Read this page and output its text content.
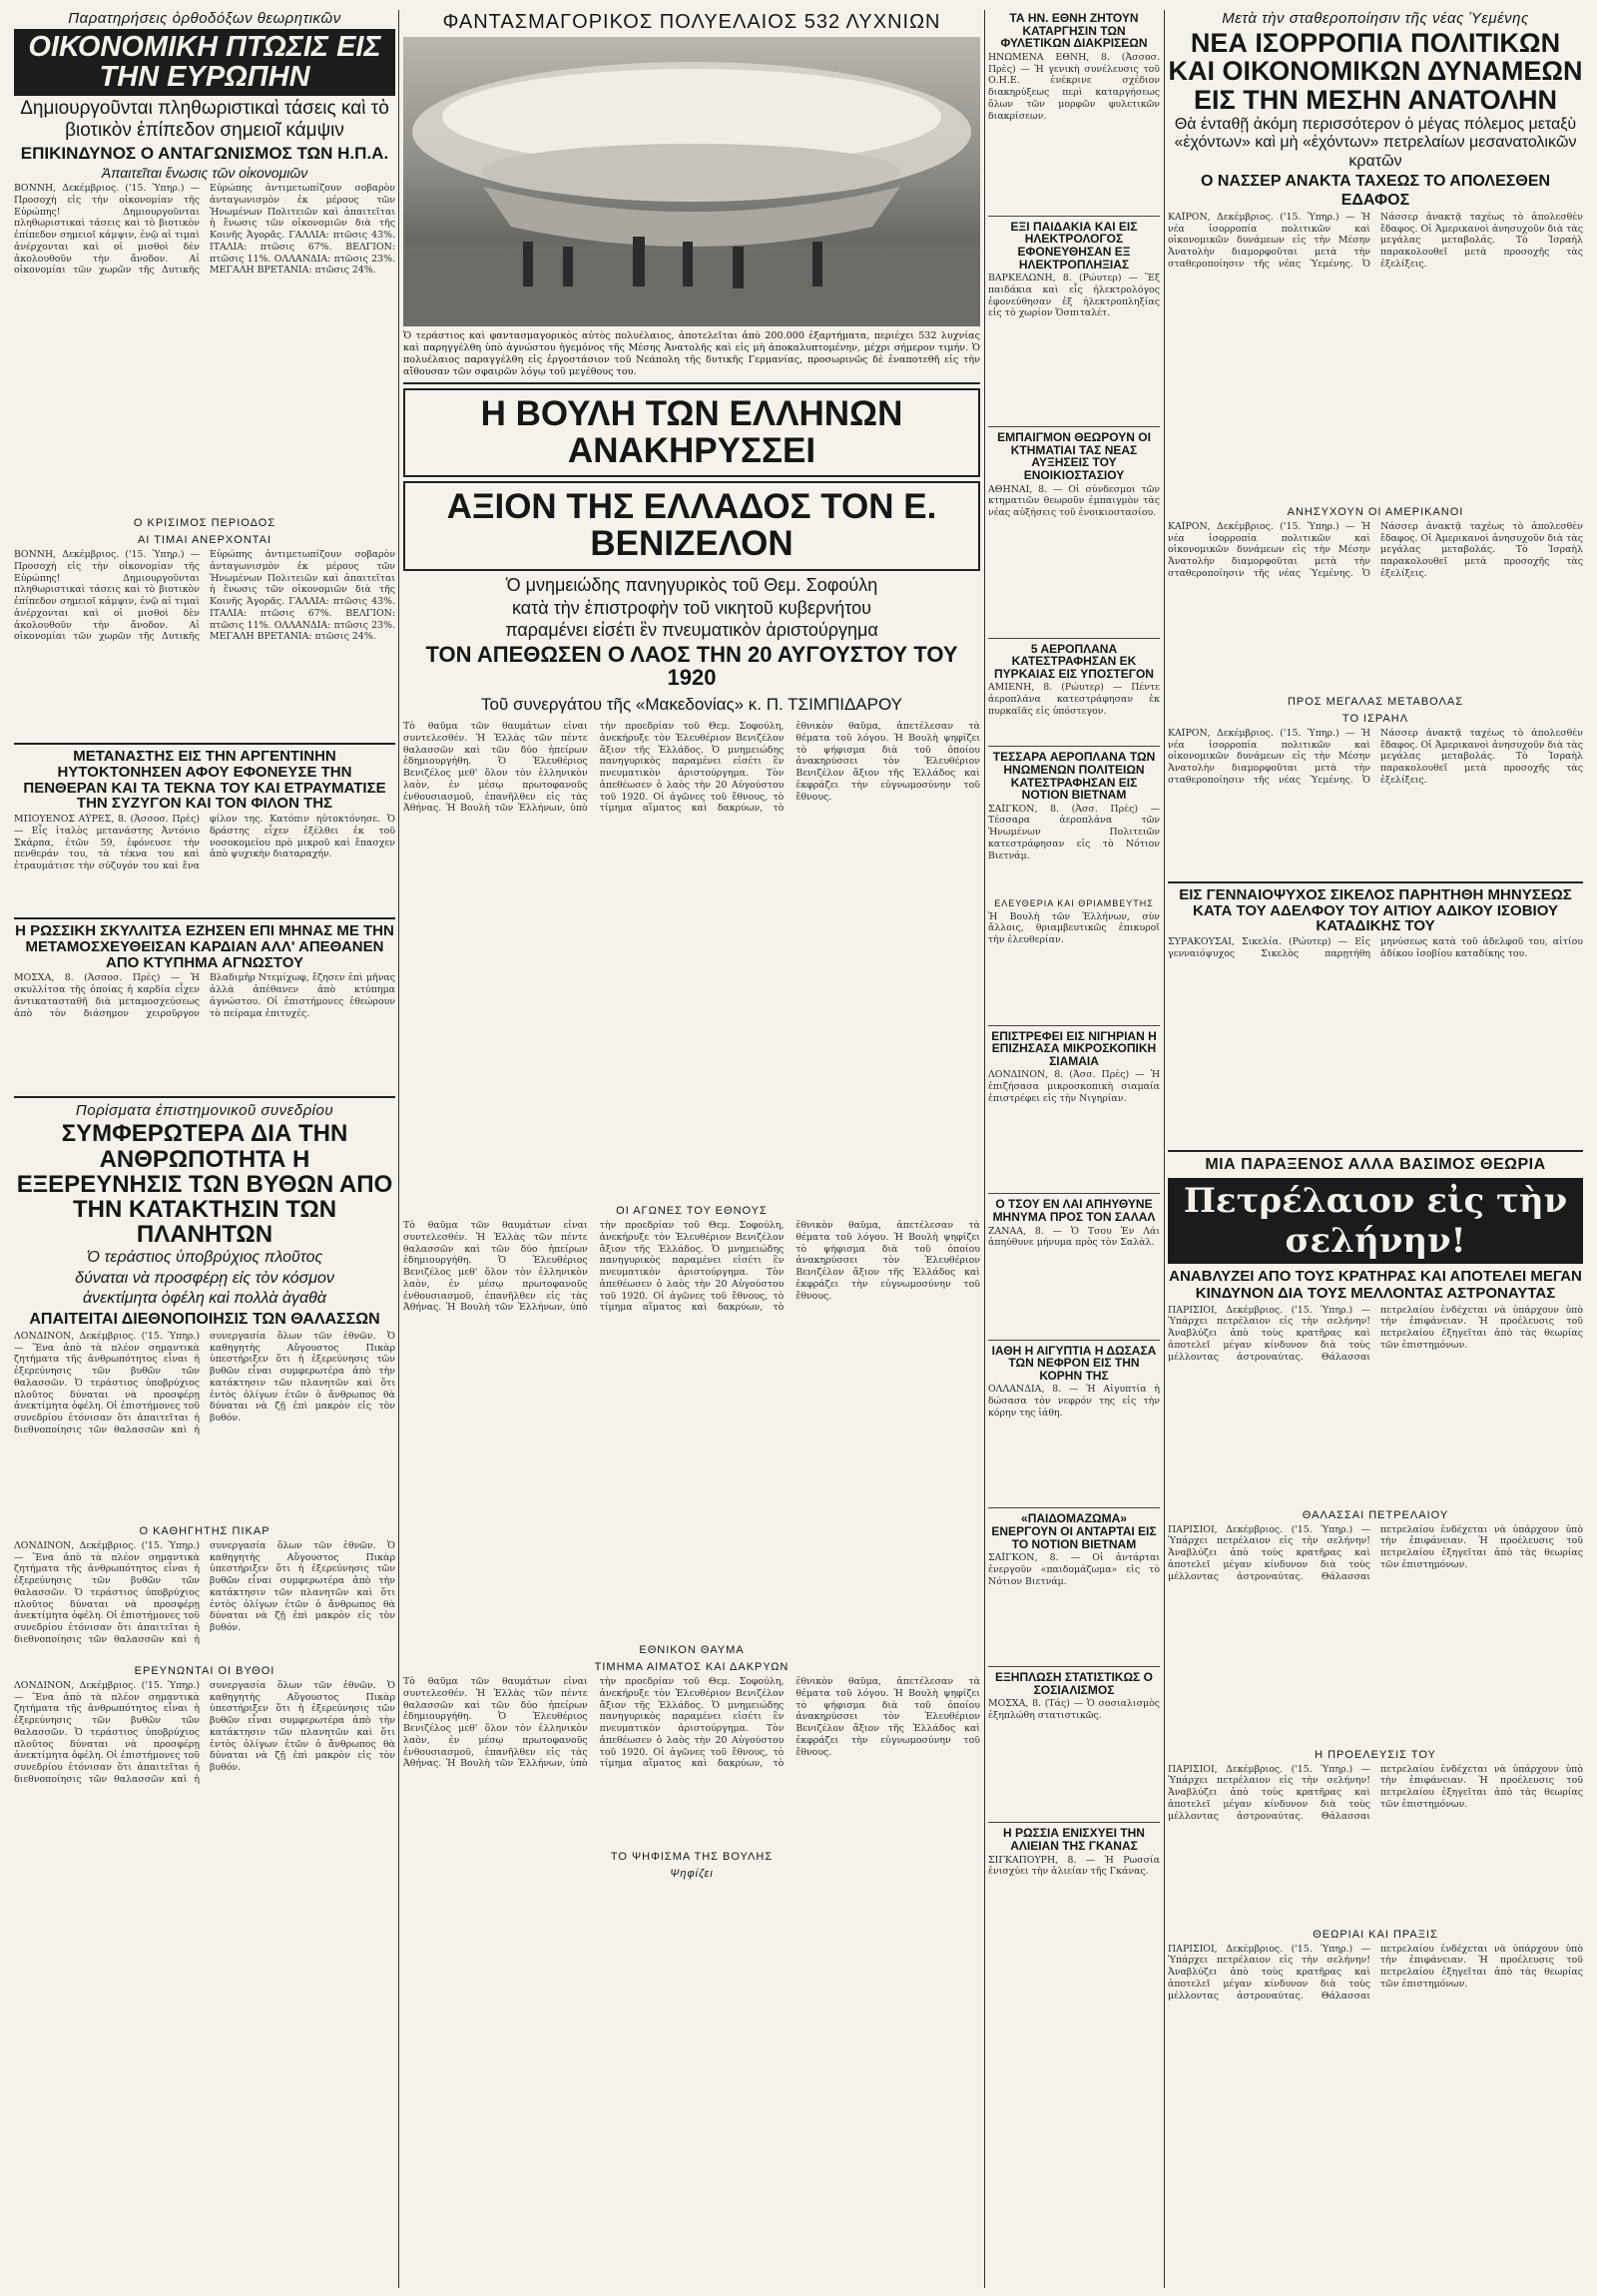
Παρατηρήσεις ὀρθοδόξων θεωρητικῶν
ΟΙΚΟΝΟΜΙΚΗ ΠΤΩΣΙΣ ΕΙΣ ΤΗΝ ΕΥΡΩΠΗΝ
Δημιουργοῦνται πληθωριστικαὶ τάσεις καὶ τὸ βιοτικὸν ἐπίπεδον σημειοῖ κάμψιν
ΕΠΙΚΙΝΔΥΝΟΣ Ο ΑΝΤΑΓΩΝΙΣΜΟΣ ΤΩΝ Η.Π.Α.
Ἀπαιτεῖται ἕνωσις τῶν οἰκονομιῶν

ΒΟΝΝΗ, Δεκέμβριος. ('15. Ὑπηρ.) — Προσοχὴ εἰς τὴν οἰκονομίαν τῆς Εὐρώπης! Δημιουργοῦνται πληθωριστικαὶ τάσεις καὶ τὸ βιοτικὸν ἐπίπεδον σημειοῖ κάμψιν, ἐνῷ αἱ τιμαὶ ἀνέρχονται καὶ οἱ μισθοὶ δὲν ἀκολουθοῦν τὴν ἄνοδον. Αἱ οἰκονομίαι τῶν χωρῶν τῆς Δυτικῆς Εὐρώπης ἀντιμετωπίζουν σοβαρὸν ἀνταγωνισμὸν ἐκ μέρους τῶν Ἡνωμένων Πολιτειῶν καὶ ἀπαιτεῖται ἡ ἕνωσις τῶν οἰκονομιῶν διὰ τῆς Κοινῆς Ἀγορᾶς. ΓΑΛΛΙΑ: πτῶσις 43%. ΙΤΑΛΙΑ: πτῶσις 67%. ΒΕΛΓΙΟΝ: πτῶσις 11%. ΟΛΛΑΝΔΙΑ: πτῶσις 23%. ΜΕΓΑΛΗ ΒΡΕΤΑΝΙΑ: πτῶσις 24%.

Ο ΚΡΙΣΙΜΟΣ ΠΕΡΙΟΔΟΣ
ΑΙ ΤΙΜΑΙ ΑΝΕΡΧΟΝΤΑΙ

ΒΟΝΝΗ, Δεκέμβριος. ('15. Ὑπηρ.) — Προσοχὴ εἰς τὴν οἰκονομίαν τῆς Εὐρώπης! Δημιουργοῦνται πληθωριστικαὶ τάσεις καὶ τὸ βιοτικὸν ἐπίπεδον σημειοῖ κάμψιν, ἐνῷ αἱ τιμαὶ ἀνέρχονται καὶ οἱ μισθοὶ δὲν ἀκολουθοῦν τὴν ἄνοδον. Αἱ οἰκονομίαι τῶν χωρῶν τῆς Δυτικῆς Εὐρώπης ἀντιμετωπίζουν σοβαρὸν ἀνταγωνισμὸν ἐκ μέρους τῶν Ἡνωμένων Πολιτειῶν καὶ ἀπαιτεῖται ἡ ἕνωσις τῶν οἰκονομιῶν διὰ τῆς Κοινῆς Ἀγορᾶς. ΓΑΛΛΙΑ: πτῶσις 43%. ΙΤΑΛΙΑ: πτῶσις 67%. ΒΕΛΓΙΟΝ: πτῶσις 11%. ΟΛΛΑΝΔΙΑ: πτῶσις 23%. ΜΕΓΑΛΗ ΒΡΕΤΑΝΙΑ: πτῶσις 24%.

ΜΕΤΑΝΑΣΤΗΣ ΕΙΣ ΤΗΝ ΑΡΓΕΝΤΙΝΗΝ ΗΥΤΟΚΤΟΝΗΣΕΝ ΑΦΟΥ ΕΦΟΝΕΥΣΕ ΤΗΝ ΠΕΝΘΕΡΑΝ ΚΑΙ ΤΑ ΤΕΚΝΑ ΤΟΥ ΚΑΙ ΕΤΡΑΥΜΑΤΙΣΕ ΤΗΝ ΣΥΖΥΓΟΝ ΚΑΙ ΤΟΝ ΦΙΛΟΝ ΤΗΣ

ΜΠΟΥΕΝΟΣ ΑΫΡΕΣ, 8. (Ἀσσοσ. Πρὲς) — Εἷς ἰταλὸς μετανάστης Ἀντόνιο Σκάρπα, ἐτῶν 59, ἐφόνευσε τὴν πενθεράν του, τὰ τέκνα του καὶ ἐτραυμάτισε τὴν σύζυγόν του καὶ ἕνα φίλον της. Κατόπιν ηὐτοκτόνησε. Ὁ δράστης εἶχεν ἐξέλθει ἐκ τοῦ νοσοκομείου πρὸ μικροῦ καὶ ἔπασχεν ἀπὸ ψυχικὴν διαταραχήν.

Η ΡΩΣΣΙΚΗ ΣΚΥΛΛΙΤΣΑ ΕΖΗΣΕΝ ΕΠΙ ΜΗΝΑΣ ΜΕ ΤΗΝ ΜΕΤΑΜΟΣΧΕΥΘΕΙΣΑΝ ΚΑΡΔΙΑΝ ΑΛΛ' ΑΠΕΘΑΝΕΝ ΑΠΟ ΚΤΥΠΗΜΑ ΑΓΝΩΣΤΟΥ

ΜΟΣΧΑ, 8. (Ἀσσοσ. Πρὲς) — Ἡ σκυλλίτσα τῆς ὁποίας ἡ καρδία εἶχεν ἀντικατασταθῆ διὰ μεταμοσχεύσεως ἀπὸ τὸν διάσημον χειροῦργον Βλαδιμὴρ Ντεμίχωφ, ἔζησεν ἐπὶ μῆνας ἀλλὰ ἀπέθανεν ἀπὸ κτύπημα ἀγνώστου. Οἱ ἐπιστήμονες ἐθεώρουν τὸ πείραμα ἐπιτυχές.

Πορίσματα ἐπιστημονικοῦ συνεδρίου
ΣΥΜΦΕΡΩΤΕΡΑ ΔΙΑ ΤΗΝ ΑΝΘΡΩΠΟΤΗΤΑ Η ΕΞΕΡΕΥΝΗΣΙΣ ΤΩΝ ΒΥΘΩΝ ΑΠΟ ΤΗΝ ΚΑΤΑΚΤΗΣΙΝ ΤΩΝ ΠΛΑΝΗΤΩΝ
Ὁ τεράστιος ὑποβρύχιος πλοῦτος
δύναται νὰ προσφέρῃ εἰς τὸν κόσμον
ἀνεκτίμητα ὀφέλη καὶ πολλὰ ἀγαθὰ
ΑΠΑΙΤΕΙΤΑΙ ΔΙΕΘΝΟΠΟΙΗΣΙΣ ΤΩΝ ΘΑΛΑΣΣΩΝ

ΛΟΝΔΙΝΟΝ, Δεκέμβριος. ('15. Ὑπηρ.) — Ἕνα ἀπὸ τὰ πλέον σημαντικὰ ζητήματα τῆς ἀνθρωπότητος εἶναι ἡ ἐξερεύνησις τῶν βυθῶν τῶν θαλασσῶν. Ὁ τεράστιος ὑποβρύχιος πλοῦτος δύναται νὰ προσφέρῃ ἀνεκτίμητα ὀφέλη. Οἱ ἐπιστήμονες τοῦ συνεδρίου ἐτόνισαν ὅτι ἀπαιτεῖται ἡ διεθνοποίησις τῶν θαλασσῶν καὶ ἡ συνεργασία ὅλων τῶν ἐθνῶν. Ὁ καθηγητὴς Αὔγουστος Πικὰρ ὑπεστήριξεν ὅτι ἡ ἐξερεύνησις τῶν βυθῶν εἶναι συμφερωτέρα ἀπὸ τὴν κατάκτησιν τῶν πλανητῶν καὶ ὅτι ἐντὸς ὀλίγων ἐτῶν ὁ ἄνθρωπος θὰ δύναται νὰ ζῇ ἐπὶ μακρὸν εἰς τὸν βυθόν.

Ο ΚΑΘΗΓΗΤΗΣ ΠΙΚΑΡ

ΛΟΝΔΙΝΟΝ, Δεκέμβριος. ('15. Ὑπηρ.) — Ἕνα ἀπὸ τὰ πλέον σημαντικὰ ζητήματα τῆς ἀνθρωπότητος εἶναι ἡ ἐξερεύνησις τῶν βυθῶν τῶν θαλασσῶν. Ὁ τεράστιος ὑποβρύχιος πλοῦτος δύναται νὰ προσφέρῃ ἀνεκτίμητα ὀφέλη. Οἱ ἐπιστήμονες τοῦ συνεδρίου ἐτόνισαν ὅτι ἀπαιτεῖται ἡ διεθνοποίησις τῶν θαλασσῶν καὶ ἡ συνεργασία ὅλων τῶν ἐθνῶν. Ὁ καθηγητὴς Αὔγουστος Πικὰρ ὑπεστήριξεν ὅτι ἡ ἐξερεύνησις τῶν βυθῶν εἶναι συμφερωτέρα ἀπὸ τὴν κατάκτησιν τῶν πλανητῶν καὶ ὅτι ἐντὸς ὀλίγων ἐτῶν ὁ ἄνθρωπος θὰ δύναται νὰ ζῇ ἐπὶ μακρὸν εἰς τὸν βυθόν.

ΕΡΕΥΝΩΝΤΑΙ ΟΙ ΒΥΘΟΙ

ΛΟΝΔΙΝΟΝ, Δεκέμβριος. ('15. Ὑπηρ.) — Ἕνα ἀπὸ τὰ πλέον σημαντικὰ ζητήματα τῆς ἀνθρωπότητος εἶναι ἡ ἐξερεύνησις τῶν βυθῶν τῶν θαλασσῶν. Ὁ τεράστιος ὑποβρύχιος πλοῦτος δύναται νὰ προσφέρῃ ἀνεκτίμητα ὀφέλη. Οἱ ἐπιστήμονες τοῦ συνεδρίου ἐτόνισαν ὅτι ἀπαιτεῖται ἡ διεθνοποίησις τῶν θαλασσῶν καὶ ἡ συνεργασία ὅλων τῶν ἐθνῶν. Ὁ καθηγητὴς Αὔγουστος Πικὰρ ὑπεστήριξεν ὅτι ἡ ἐξερεύνησις τῶν βυθῶν εἶναι συμφερωτέρα ἀπὸ τὴν κατάκτησιν τῶν πλανητῶν καὶ ὅτι ἐντὸς ὀλίγων ἐτῶν ὁ ἄνθρωπος θὰ δύναται νὰ ζῇ ἐπὶ μακρὸν εἰς τὸν βυθόν.

ΦΑΝΤΑΣΜΑΓΟΡΙΚΟΣ ΠΟΛΥΕΛΑΙΟΣ 532 ΛΥΧΝΙΩΝ

Ὁ τεράστιος καὶ φαντασμαγορικὸς αὐτὸς πολυέλαιος, ἀποτελεῖται ἀπὸ 200.000 ἐξαρτήματα, περιέχει 532 λυχνίας καὶ παρηγγέλθη ὑπὸ ἀγνώστου ἡγεμόνος τῆς Μέσης Ἀνατολῆς καὶ εἰς μὴ ἀποκαλυπτομένην, μέχρι σήμερον τιμήν. Ὁ πολυέλαιος παραγγέλθη εἰς ἐργοστάσιον τοῦ Νεάπολη τῆς δυτικῆς Γερμανίας, προσωρινῶς δὲ ἐναποτεθῆ εἰς τὴν αἴθουσαν τῶν σφαιρῶν λόγῳ τοῦ μεγέθους του.

Η ΒΟΥΛΗ ΤΩΝ ΕΛΛΗΝΩΝ ΑΝΑΚΗΡΥΣΣΕΙ
ΑΞΙΟΝ ΤΗΣ ΕΛΛΑΔΟΣ ΤΟΝ Ε. ΒΕΝΙΖΕΛΟΝ
Ὁ μνημειώδης πανηγυρικὸς τοῦ Θεμ. Σοφούλη
κατὰ τὴν ἐπιστροφὴν τοῦ νικητοῦ κυβερνήτου
παραμένει εἰσέτι ἓν πνευματικὸν ἀριστούργημα
ΤΟΝ ΑΠΕΘΩΣΕΝ Ο ΛΑΟΣ ΤΗΝ 20 ΑΥΓΟΥΣΤΟΥ ΤΟΥ 1920
Τοῦ συνεργάτου τῆς «Μακεδονίας» κ. Π. ΤΣΙΜΠΙΔΑΡΟΥ

Τὸ θαῦμα τῶν θαυμάτων εἶναι συντελεσθέν. Ἡ Ἑλλὰς τῶν πέντε θαλασσῶν καὶ τῶν δύο ἠπείρων ἐδημιουργήθη. Ὁ Ἐλευθέριος Βενιζέλος μεθ' ὅλον τὸν ἑλληνικὸν λαὸν, ἐν μέσῳ πρωτοφανοῦς ἐνθουσιασμοῦ, ἐπανῆλθεν εἰς τὰς Ἀθήνας. Ἡ Βουλὴ τῶν Ἑλλήνων, ὑπὸ τὴν προεδρίαν τοῦ Θεμ. Σοφούλη, ἀνεκήρυξε τὸν Ἐλευθέριον Βενιζέλον ἄξιον τῆς Ἑλλάδος. Ὁ μνημειώδης πανηγυρικὸς παραμένει εἰσέτι ἓν πνευματικὸν ἀριστούργημα. Τὸν ἀπεθέωσεν ὁ λαὸς τὴν 20 Αὐγούστου τοῦ 1920. Οἱ ἀγῶνες τοῦ ἔθνους, τὸ τίμημα αἵματος καὶ δακρύων, τὸ ἐθνικὸν θαῦμα, ἀπετέλεσαν τὰ θέματα τοῦ λόγου. Ἡ Βουλὴ ψηφίζει τὸ ψήφισμα διὰ τοῦ ὁποίου ἀνακηρύσσει τὸν Ἐλευθέριον Βενιζέλον ἄξιον τῆς Ἑλλάδος καὶ ἐκφράζει τὴν εὐγνωμοσύνην τοῦ ἔθνους.

ΟΙ ΑΓΩΝΕΣ ΤΟΥ ΕΘΝΟΥΣ

Τὸ θαῦμα τῶν θαυμάτων εἶναι συντελεσθέν. Ἡ Ἑλλὰς τῶν πέντε θαλασσῶν καὶ τῶν δύο ἠπείρων ἐδημιουργήθη. Ὁ Ἐλευθέριος Βενιζέλος μεθ' ὅλον τὸν ἑλληνικὸν λαὸν, ἐν μέσῳ πρωτοφανοῦς ἐνθουσιασμοῦ, ἐπανῆλθεν εἰς τὰς Ἀθήνας. Ἡ Βουλὴ τῶν Ἑλλήνων, ὑπὸ τὴν προεδρίαν τοῦ Θεμ. Σοφούλη, ἀνεκήρυξε τὸν Ἐλευθέριον Βενιζέλον ἄξιον τῆς Ἑλλάδος. Ὁ μνημειώδης πανηγυρικὸς παραμένει εἰσέτι ἓν πνευματικὸν ἀριστούργημα. Τὸν ἀπεθέωσεν ὁ λαὸς τὴν 20 Αὐγούστου τοῦ 1920. Οἱ ἀγῶνες τοῦ ἔθνους, τὸ τίμημα αἵματος καὶ δακρύων, τὸ ἐθνικὸν θαῦμα, ἀπετέλεσαν τὰ θέματα τοῦ λόγου. Ἡ Βουλὴ ψηφίζει τὸ ψήφισμα διὰ τοῦ ὁποίου ἀνακηρύσσει τὸν Ἐλευθέριον Βενιζέλον ἄξιον τῆς Ἑλλάδος καὶ ἐκφράζει τὴν εὐγνωμοσύνην τοῦ ἔθνους.

ΕΘΝΙΚΟΝ ΘΑΥΜΑ
ΤΙΜΗΜΑ ΑΙΜΑΤΟΣ ΚΑΙ ΔΑΚΡΥΩΝ

Τὸ θαῦμα τῶν θαυμάτων εἶναι συντελεσθέν. Ἡ Ἑλλὰς τῶν πέντε θαλασσῶν καὶ τῶν δύο ἠπείρων ἐδημιουργήθη. Ὁ Ἐλευθέριος Βενιζέλος μεθ' ὅλον τὸν ἑλληνικὸν λαὸν, ἐν μέσῳ πρωτοφανοῦς ἐνθουσιασμοῦ, ἐπανῆλθεν εἰς τὰς Ἀθήνας. Ἡ Βουλὴ τῶν Ἑλλήνων, ὑπὸ τὴν προεδρίαν τοῦ Θεμ. Σοφούλη, ἀνεκήρυξε τὸν Ἐλευθέριον Βενιζέλον ἄξιον τῆς Ἑλλάδος. Ὁ μνημειώδης πανηγυρικὸς παραμένει εἰσέτι ἓν πνευματικὸν ἀριστούργημα. Τὸν ἀπεθέωσεν ὁ λαὸς τὴν 20 Αὐγούστου τοῦ 1920. Οἱ ἀγῶνες τοῦ ἔθνους, τὸ τίμημα αἵματος καὶ δακρύων, τὸ ἐθνικὸν θαῦμα, ἀπετέλεσαν τὰ θέματα τοῦ λόγου. Ἡ Βουλὴ ψηφίζει τὸ ψήφισμα διὰ τοῦ ὁποίου ἀνακηρύσσει τὸν Ἐλευθέριον Βενιζέλον ἄξιον τῆς Ἑλλάδος καὶ ἐκφράζει τὴν εὐγνωμοσύνην τοῦ ἔθνους.

ΤΟ ΨΗΦΙΣΜΑ ΤΗΣ ΒΟΥΛΗΣ
Ψηφίζει
ΤΑ ΗΝ. ΕΘΝΗ ΖΗΤΟΥΝ ΚΑΤΑΡΓΗΣΙΝ ΤΩΝ ΦΥΛΕΤΙΚΩΝ ΔΙΑΚΡΙΣΕΩΝ

ΗΝΩΜΕΝΑ ΕΘΝΗ, 8. (Ἀσσοσ. Πρὲς) — Ἡ γενικὴ συνέλευσις τοῦ Ο.Η.Ε. ἐνέκρινε σχέδιον διακηρύξεως περὶ καταργήσεως ὅλων τῶν μορφῶν φυλετικῶν διακρίσεων.

ΕΞΙ ΠΑΙΔΑΚΙΑ ΚΑΙ ΕΙΣ ΗΛΕΚΤΡΟΛΟΓΟΣ ΕΦΟΝΕΥΘΗΣΑΝ ΕΞ ΗΛΕΚΤΡΟΠΛΗΞΙΑΣ

ΒΑΡΚΕΛΩΝΗ, 8. (Ρώυτερ) — Ἕξ παιδάκια καὶ εἷς ἠλεκτρολόγος ἐφονεύθησαν ἐξ ἠλεκτροπληξίας εἰς τὸ χωρίον Ὁσπιταλέτ.

ΕΜΠΑΙΓΜΟΝ ΘΕΩΡΟΥΝ ΟΙ ΚΤΗΜΑΤΙΑΙ ΤΑΣ ΝΕΑΣ ΑΥΞΗΣΕΙΣ ΤΟΥ ΕΝΟΙΚΙΟΣΤΑΣΙΟΥ

ΑΘΗΝΑΙ, 8. — Οἱ σύνδεσμοι τῶν κτηματιῶν θεωροῦν ἐμπαιγμὸν τὰς νέας αὐξήσεις τοῦ ἐνοικιοστασίου.

5 ΑΕΡΟΠΛΑΝΑ ΚΑΤΕΣΤΡΑΦΗΣΑΝ ΕΚ ΠΥΡΚΑΙΑΣ ΕΙΣ ΥΠΟΣΤΕΓΟΝ

ΑΜΙΕΝΗ, 8. (Ρώυτερ) — Πέντε ἀεροπλάνα κατεστράφησαν ἐκ πυρκαϊᾶς εἰς ὑπόστεγον.

ΤΕΣΣΑΡΑ ΑΕΡΟΠΛΑΝΑ ΤΩΝ ΗΝΩΜΕΝΩΝ ΠΟΛΙΤΕΙΩΝ ΚΑΤΕΣΤΡΑΦΗΣΑΝ ΕΙΣ ΝΟΤΙΟΝ ΒΙΕΤΝΑΜ

ΣΑΪΓΚΟΝ, 8. (Ἀσσ. Πρὲς) — Τέσσαρα ἀεροπλάνα τῶν Ἡνωμένων Πολιτειῶν κατεστράφησαν εἰς τὸ Νότιον Βιετνάμ.

ΕΛΕΥΘΕΡΙΑ ΚΑΙ ΘΡΙΑΜΒΕΥΤΗΣ

Ἡ Βουλὴ τῶν Ἑλλήνων, σὺν ἄλλοις, θριαμβευτικῶς ἐπικυροῖ τὴν ἐλευθερίαν.

ΕΠΙΣΤΡΕΦΕΙ ΕΙΣ ΝΙΓΗΡΙΑΝ Η ΕΠΙΖΗΣΑΣΑ ΜΙΚΡΟΣΚΟΠΙΚΗ ΣΙΑΜΑΙΑ

ΛΟΝΔΙΝΟΝ, 8. (Ἀσσ. Πρὲς) — Ἡ ἐπιζήσασα μικροσκοπικὴ σιαμαία ἐπιστρέφει εἰς τὴν Νιγηρίαν.

Ο ΤΣΟΥ ΕΝ ΛΑΙ ΑΠΗΥΘΥΝΕ ΜΗΝΥΜΑ ΠΡΟΣ ΤΟΝ ΣΑΛΑΛ

ΖΑΝΑΑ, 8. — Ὁ Τσου Ἐν Λάι ἀπηύθυνε μήνυμα πρὸς τὸν Σαλὰλ.

ΙΑΘΗ Η ΑΙΓΥΠΤΙΑ Η ΔΩΣΑΣΑ ΤΩΝ ΝΕΦΡΟΝ ΕΙΣ ΤΗΝ ΚΟΡΗΝ ΤΗΣ

ΟΛΛΑΝΔΙΑ, 8. — Ἡ Αἰγυπτία ἡ δώσασα τὸν νεφρόν της εἰς τὴν κόρην της ἰάθη.

«ΠΑΙΔΟΜΑΖΩΜΑ» ΕΝΕΡΓΟΥΝ ΟΙ ΑΝΤΑΡΤΑΙ ΕΙΣ ΤΟ ΝΟΤΙΟΝ ΒΙΕΤΝΑΜ

ΣΑΪΓΚΟΝ, 8. — Οἱ ἀντάρται ἐνεργοῦν «παιδομάζωμα» εἰς τὸ Νότιον Βιετνάμ.

ΕΞΗΠΛΩΣΗ ΣΤΑΤΙΣΤΙΚΩΣ Ο ΣΟΣΙΑΛΙΣΜΟΣ

ΜΟΣΧΑ, 8. (Τάς) — Ὁ σοσιαλισμὸς ἐξηπλώθη στατιστικῶς.

Η ΡΩΣΣΙΑ ΕΝΙΣΧΥΕΙ ΤΗΝ ΑΛΙΕΙΑΝ ΤΗΣ ΓΚΑΝΑΣ

ΣΙΓΚΑΠΟΥΡΗ, 8. — Ἡ Ρωσσία ἐνισχύει τὴν ἁλιείαν τῆς Γκάνας.

Μετὰ τὴν σταθεροποίησιν τῆς νέας Ὑεμένης
ΝΕΑ ΙΣΟΡΡΟΠΙΑ ΠΟΛΙΤΙΚΩΝ ΚΑΙ ΟΙΚΟΝΟΜΙΚΩΝ ΔΥΝΑΜΕΩΝ ΕΙΣ ΤΗΝ ΜΕΣΗΝ ΑΝΑΤΟΛΗΝ
Θὰ ἐνταθῇ ἀκόμη περισσότερον ὁ μέγας πόλεμος μεταξὺ «ἐχόντων» καὶ μὴ «ἐχόντων» πετρελαίων μεσανατολικῶν κρατῶν
Ο ΝΑΣΣΕΡ ΑΝΑΚΤΑ ΤΑΧΕΩΣ ΤΟ ΑΠΟΛΕΣΘΕΝ ΕΔΑΦΟΣ

ΚΑΪΡΟΝ, Δεκέμβριος. ('15. Ὑπηρ.) — Ἡ νέα ἰσορροπία πολιτικῶν καὶ οἰκονομικῶν δυνάμεων εἰς τὴν Μέσην Ἀνατολὴν διαμορφοῦται μετὰ τὴν σταθεροποίησιν τῆς νέας Ὑεμένης. Ὁ Νάσσερ ἀνακτᾷ ταχέως τὸ ἀπολεσθὲν ἔδαφος. Οἱ Ἀμερικανοὶ ἀνησυχοῦν διὰ τὰς μεγάλας μεταβολάς. Τὸ Ἰσραὴλ παρακολουθεῖ μετὰ προσοχῆς τὰς ἐξελίξεις.

ΑΝΗΣΥΧΟΥΝ ΟΙ ΑΜΕΡΙΚΑΝΟΙ

ΚΑΪΡΟΝ, Δεκέμβριος. ('15. Ὑπηρ.) — Ἡ νέα ἰσορροπία πολιτικῶν καὶ οἰκονομικῶν δυνάμεων εἰς τὴν Μέσην Ἀνατολὴν διαμορφοῦται μετὰ τὴν σταθεροποίησιν τῆς νέας Ὑεμένης. Ὁ Νάσσερ ἀνακτᾷ ταχέως τὸ ἀπολεσθὲν ἔδαφος. Οἱ Ἀμερικανοὶ ἀνησυχοῦν διὰ τὰς μεγάλας μεταβολάς. Τὸ Ἰσραὴλ παρακολουθεῖ μετὰ προσοχῆς τὰς ἐξελίξεις.

ΠΡΟΣ ΜΕΓΑΛΑΣ ΜΕΤΑΒΟΛΑΣ
ΤΟ ΙΣΡΑΗΛ

ΚΑΪΡΟΝ, Δεκέμβριος. ('15. Ὑπηρ.) — Ἡ νέα ἰσορροπία πολιτικῶν καὶ οἰκονομικῶν δυνάμεων εἰς τὴν Μέσην Ἀνατολὴν διαμορφοῦται μετὰ τὴν σταθεροποίησιν τῆς νέας Ὑεμένης. Ὁ Νάσσερ ἀνακτᾷ ταχέως τὸ ἀπολεσθὲν ἔδαφος. Οἱ Ἀμερικανοὶ ἀνησυχοῦν διὰ τὰς μεγάλας μεταβολάς. Τὸ Ἰσραὴλ παρακολουθεῖ μετὰ προσοχῆς τὰς ἐξελίξεις.

ΕΙΣ ΓΕΝΝΑΙΟΨΥΧΟΣ ΣΙΚΕΛΟΣ ΠΑΡΗΤΗΘΗ ΜΗΝΥΣΕΩΣ ΚΑΤΑ ΤΟΥ ΑΔΕΛΦΟΥ ΤΟΥ ΑΙΤΙΟΥ ΑΔΙΚΟΥ ΙΣΟΒΙΟΥ ΚΑΤΑΔΙΚΗΣ ΤΟΥ

ΣΥΡΑΚΟΥΣΑΙ, Σικελία. (Ρώυτερ) — Εἷς γενναιόψυχος Σικελὸς παρῃτήθη μηνύσεως κατὰ τοῦ ἀδελφοῦ του, αἰτίου ἀδίκου ἰσοβίου καταδίκης του.

ΜΙΑ ΠΑΡΑΞΕΝΟΣ ΑΛΛΑ ΒΑΣΙΜΟΣ ΘΕΩΡΙΑ
Πετρέλαιον εἰς τὴν σελήνην!
ΑΝΑΒΛΥΖΕΙ ΑΠΟ ΤΟΥΣ ΚΡΑΤΗΡΑΣ ΚΑΙ ΑΠΟΤΕΛΕΙ ΜΕΓΑΝ ΚΙΝΔΥΝΟΝ ΔΙΑ ΤΟΥΣ ΜΕΛΛΟΝΤΑΣ ΑΣΤΡΟΝΑΥΤΑΣ

ΠΑΡΙΣΙΟΙ, Δεκέμβριος. ('15. Ὑπηρ.) — Ὑπάρχει πετρέλαιον εἰς τὴν σελήνην! Ἀναβλύζει ἀπὸ τοὺς κρατῆρας καὶ ἀποτελεῖ μέγαν κίνδυνον διὰ τοὺς μέλλοντας ἀστροναύτας. Θάλασσαι πετρελαίου ἐνδέχεται νὰ ὑπάρχουν ὑπὸ τὴν ἐπιφάνειαν. Ἡ προέλευσις τοῦ πετρελαίου ἐξηγεῖται ἀπὸ τὰς θεωρίας τῶν ἐπιστημόνων.

ΘΑΛΑΣΣΑΙ ΠΕΤΡΕΛΑΙΟΥ

ΠΑΡΙΣΙΟΙ, Δεκέμβριος. ('15. Ὑπηρ.) — Ὑπάρχει πετρέλαιον εἰς τὴν σελήνην! Ἀναβλύζει ἀπὸ τοὺς κρατῆρας καὶ ἀποτελεῖ μέγαν κίνδυνον διὰ τοὺς μέλλοντας ἀστροναύτας. Θάλασσαι πετρελαίου ἐνδέχεται νὰ ὑπάρχουν ὑπὸ τὴν ἐπιφάνειαν. Ἡ προέλευσις τοῦ πετρελαίου ἐξηγεῖται ἀπὸ τὰς θεωρίας τῶν ἐπιστημόνων.

Η ΠΡΟΕΛΕΥΣΙΣ ΤΟΥ

ΠΑΡΙΣΙΟΙ, Δεκέμβριος. ('15. Ὑπηρ.) — Ὑπάρχει πετρέλαιον εἰς τὴν σελήνην! Ἀναβλύζει ἀπὸ τοὺς κρατῆρας καὶ ἀποτελεῖ μέγαν κίνδυνον διὰ τοὺς μέλλοντας ἀστροναύτας. Θάλασσαι πετρελαίου ἐνδέχεται νὰ ὑπάρχουν ὑπὸ τὴν ἐπιφάνειαν. Ἡ προέλευσις τοῦ πετρελαίου ἐξηγεῖται ἀπὸ τὰς θεωρίας τῶν ἐπιστημόνων.

ΘΕΩΡΙΑΙ ΚΑΙ ΠΡΑΞΙΣ

ΠΑΡΙΣΙΟΙ, Δεκέμβριος. ('15. Ὑπηρ.) — Ὑπάρχει πετρέλαιον εἰς τὴν σελήνην! Ἀναβλύζει ἀπὸ τοὺς κρατῆρας καὶ ἀποτελεῖ μέγαν κίνδυνον διὰ τοὺς μέλλοντας ἀστροναύτας. Θάλασσαι πετρελαίου ἐνδέχεται νὰ ὑπάρχουν ὑπὸ τὴν ἐπιφάνειαν. Ἡ προέλευσις τοῦ πετρελαίου ἐξηγεῖται ἀπὸ τὰς θεωρίας τῶν ἐπιστημόνων.
